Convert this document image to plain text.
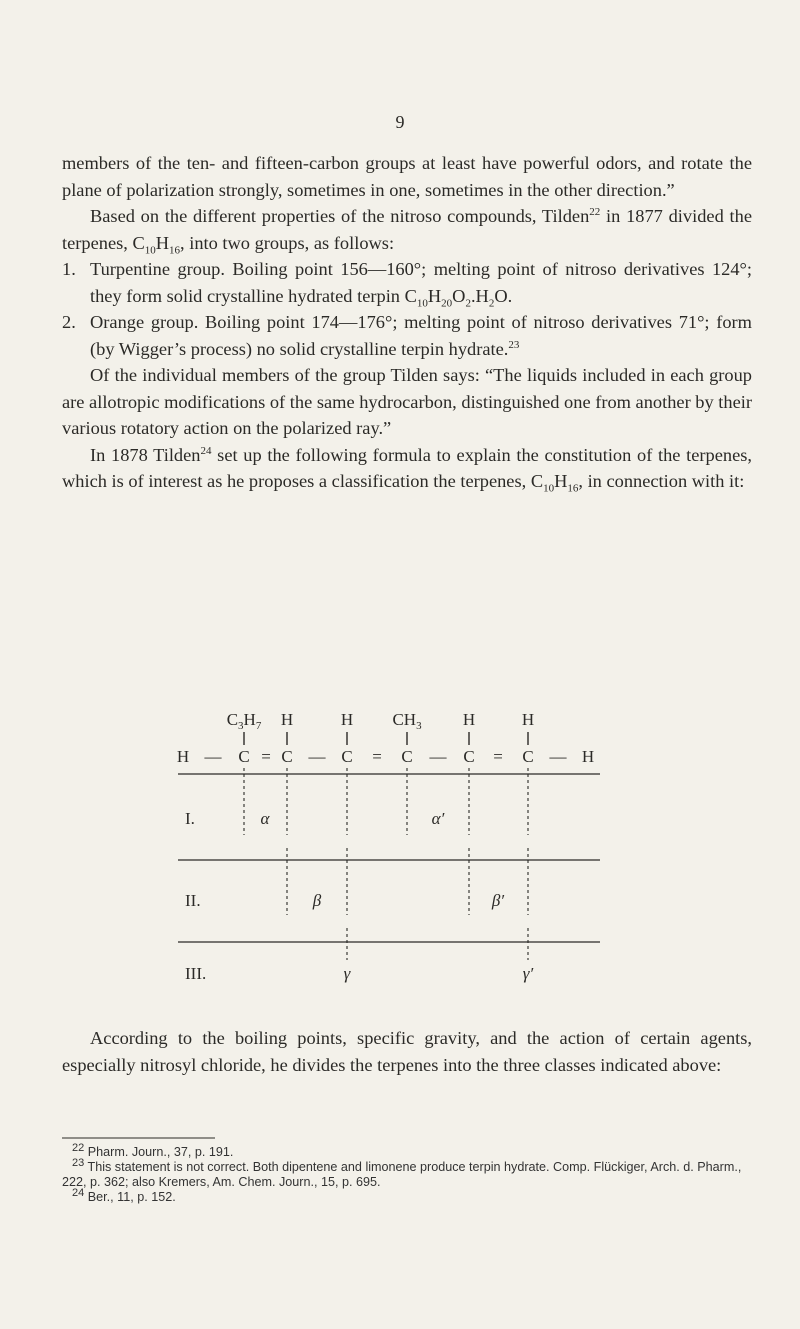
9

members of the ten- and fifteen-carbon groups at least have powerful odors, and rotate the plane of polarization strongly, sometimes in one, sometimes in the other direction.”

Based on the different properties of the nitroso compounds, Tilden$^{22}$ in 1877 divided the terpenes, $C_{10}H_{16}$, into two groups, as follows:

1. Turpentine group. Boiling point 156—160°; melting point of nitroso derivatives 124°; they form solid crystalline hydrated terpin $C_{10}H_{20}O_2.H_2O$.
2. Orange group. Boiling point 174—176°; melting point of nitroso derivatives 71°; form (by Wigger’s process) no solid crystalline terpin hydrate.$^{23}$

Of the individual members of the group Tilden says: “The liquids included in each group are allotropic modifications of the same hydrocarbon, distinguished one from another by their various rotatory action on the polarized ray.”

In 1878 Tilden$^{24}$ set up the following formula to explain the constitution of the terpenes, which is of interest as he proposes a classification the terpenes, $C_{10}H_{16}$, in connection with it:

$C_3H_7$ H	H $CH_3$ H	H
H — C = C — C = C — C = C — H
I.	α	α′
II.	β	β′
III.	γ	γ′

According to the boiling points, specific gravity, and the action of certain agents, especially nitrosyl chloride, he divides the terpenes into the three classes indicated above:

$^{22}$ Pharm. Journ., 37, p. 191.

$^{23}$ This statement is not correct. Both dipentene and limonene produce terpin hydrate. Comp. Flückiger, Arch. d. Pharm., 222, p. 362; also Kremers, Am. Chem. Journ., 15, p. 695.

$^{24}$ Ber., 11, p. 152.
